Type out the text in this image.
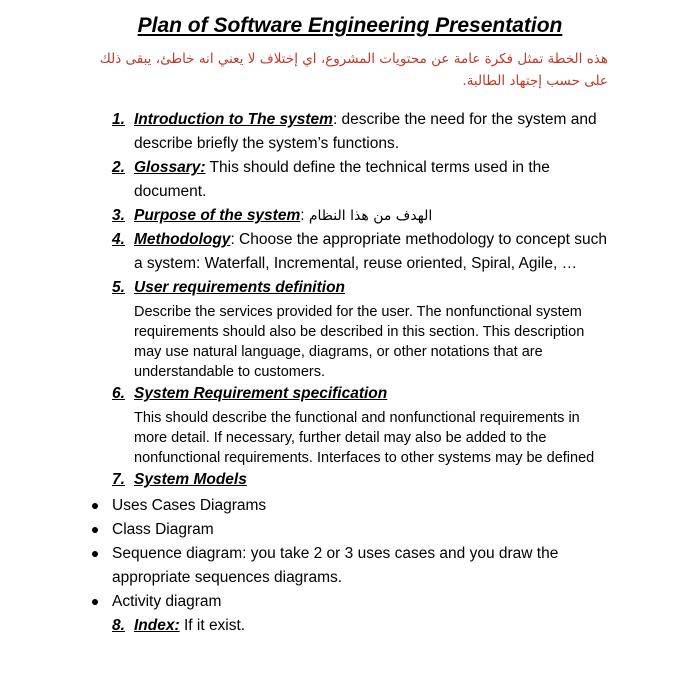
Plan of Software Engineering Presentation
هذه الخطة تمثل فكرة عامة عن محتويات المشروع، اي إختلاف لا يعني انه خاطئ، يبقى ذلك على حسب إجتهاد الطالبة.
1. Introduction to The system: describe the need for the system and describe briefly the system’s functions.
2. Glossary: This should define the technical terms used in the document.
3. Purpose of the system: الهدف من هذا النظام
4. Methodology: Choose the appropriate methodology to concept such a system: Waterfall, Incremental, reuse oriented, Spiral, Agile, …
5. User requirements definition
Describe the services provided for the user. The nonfunctional system requirements should also be described in this section. This description may use natural language, diagrams, or other notations that are understandable to customers.
6. System Requirement specification
This should describe the functional and nonfunctional requirements in more detail. If necessary, further detail may also be added to the nonfunctional requirements. Interfaces to other systems may be defined
7. System Models
Uses Cases Diagrams
Class Diagram
Sequence diagram: you take 2 or 3 uses cases and you draw the appropriate sequences diagrams.
Activity diagram
8. Index: If it exist.
